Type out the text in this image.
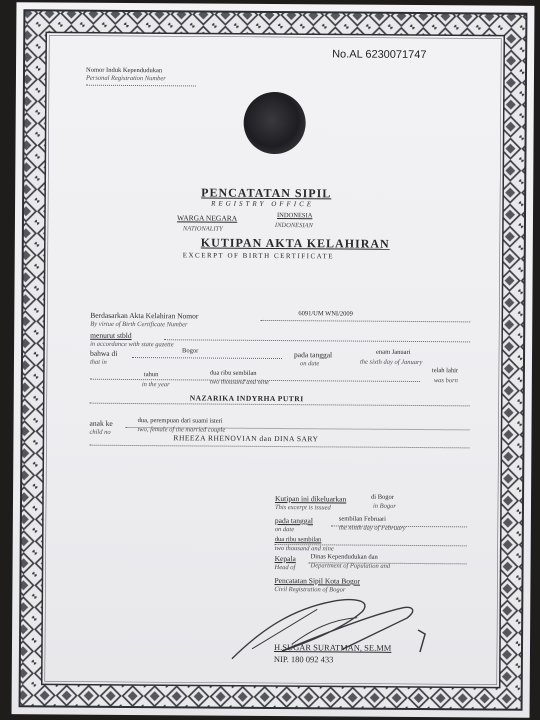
No.AL 6230071747
Nomor Induk Kependudukan
Personal Registration Number
PENCATATAN SIPIL
REGISTRY OFFICE
WARGA NEGARA
NATIONALITY
INDONESIA
INDONESIAN
KUTIPAN AKTA KELAHIRAN
EXCERPT OF BIRTH CERTIFICATE
Berdasarkan Akta Kelahiran Nomor
By virtue of Birth Certificate Number
6091/UM WNI/2009
menurut stbld
in accordance with state gazette
bahwa di
that in
Bogor	pada tanggal
on date
enam Januari
the sixth day of January
tahun
in the year
dua ribu sembilan
two thousand and nine
telah lahir
was born
NAZARIKA INDYRHA PUTRI
anak ke
child no
dua, perempuan dari suami isteri
two, female of the married couple
RHEEZA RHENOVIAN dan DINA SARY
Kutipan ini dikeluarkan
This excerpt is issued
di Bogor
in Bogor
pada tanggal
on date
sembilan Februari
the ninth day of February
dua ribu sembilan
two thousand and nine
Kepala
Head of
Dinas Kependudukan dan
Department of Population and
Pencatatan Sipil Kota Bogor
Civil Registration of Bogor
H.SUGAR SURATMAN, SE.MM
NIP. 180 092 433
